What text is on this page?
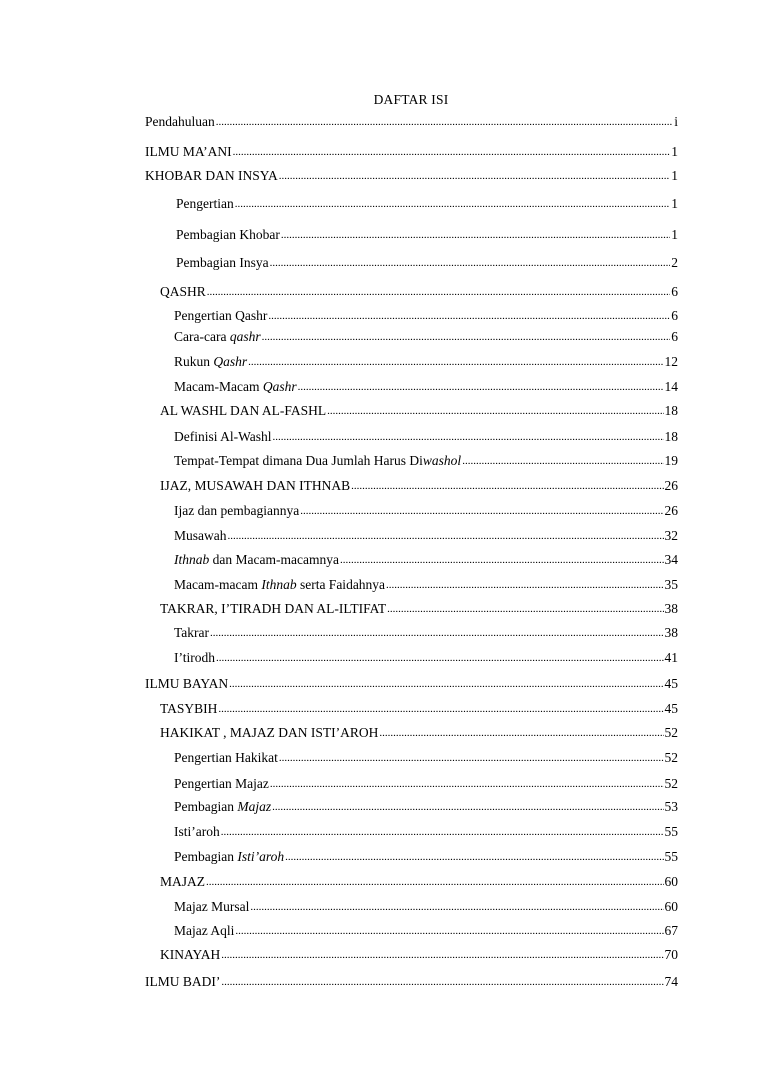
DAFTAR ISI
Pendahuluan .....	i
ILMU MA’ANI .....	1
KHOBAR DAN INSYA .....	1
Pengertian .....	1
Pembagian Khobar .....	1
Pembagian Insya .....	2
QASHR .....	6
Pengertian Qashr .....	6
Cara-cara qashr .....	6
Rukun Qashr .....	12
Macam-Macam Qashr .....	14
AL WASHL DAN AL-FASHL .....	18
Definisi Al-Washl .....	18
Tempat-Tempat dimana Dua Jumlah Harus Diwashol .....	19
IJAZ, MUSAWAH DAN ITHNAB .....	26
Ijaz dan pembagiannya .....	26
Musawah .....	32
Ithnab dan Macam-macamnya .....	34
Macam-macam Ithnab serta Faidahnya .....	35
TAKRAR, I’TIRADH DAN AL-ILTIFAT .....	38
Takrar .....	38
I’tirodh .....	41
ILMU BAYAN .....	45
TASYBIH .....	45
HAKIKAT , MAJAZ DAN ISTI’AROH .....	52
Pengertian Hakikat .....	52
Pengertian Majaz .....	52
Pembagian Majaz .....	53
Isti’aroh .....	55
Pembagian Isti’aroh .....	55
MAJAZ .....	60
Majaz Mursal .....	60
Majaz Aqli .....	67
KINAYAH .....	70
ILMU BADI’ .....	74
